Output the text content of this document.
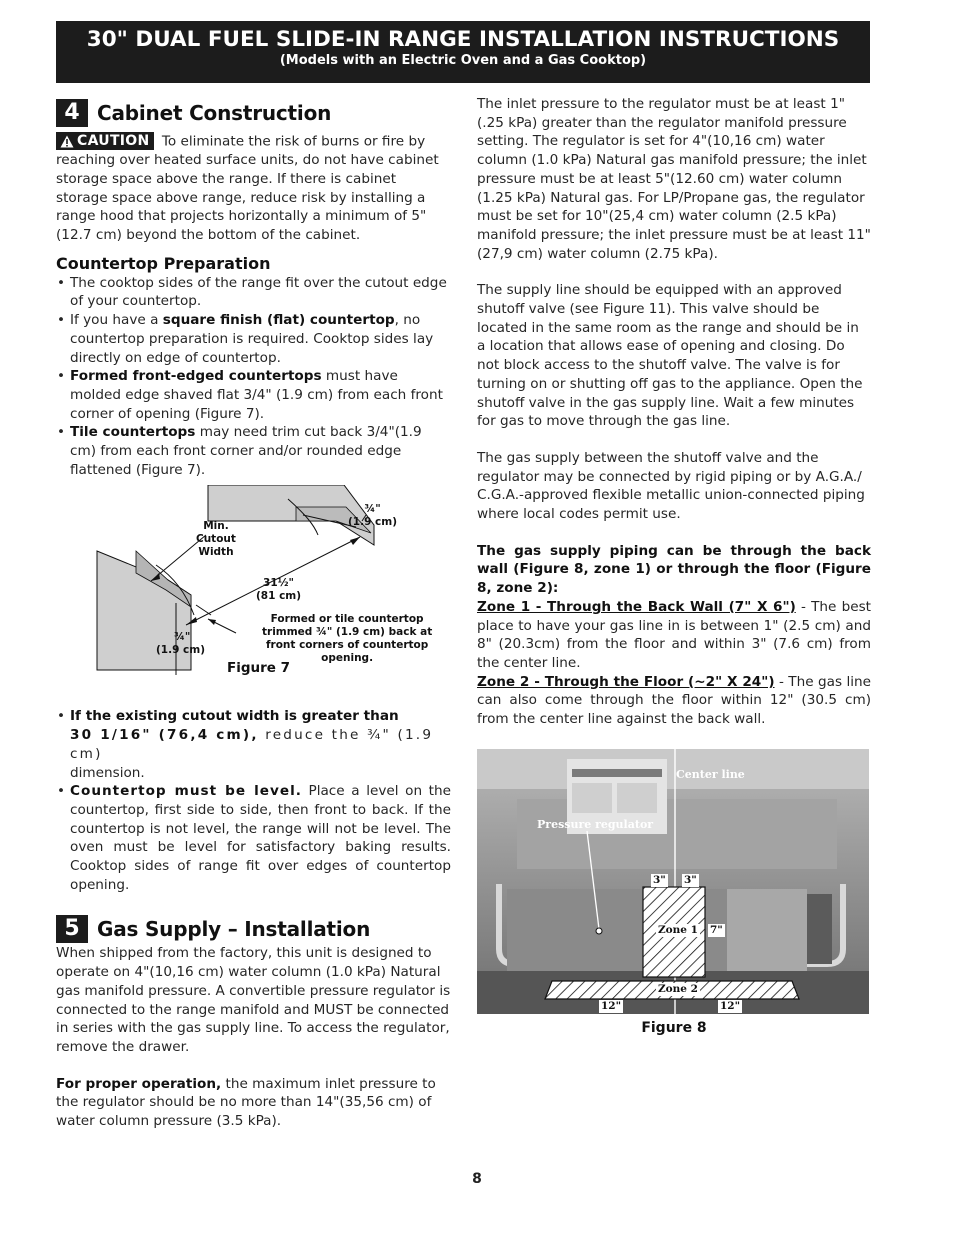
30" DUAL FUEL SLIDE-IN RANGE INSTALLATION INSTRUCTIONS
(Models with an Electric Oven and a Gas Cooktop)
4 Cabinet Construction

CAUTION To eliminate the risk of burns or fire by reaching over heated surface units, do not have cabinet storage space above the range. If there is cabinet storage space above range, reduce risk by installing a range hood that projects horizontally a minimum of 5" (12.7 cm) beyond the bottom of the cabinet.

Countertop Preparation
• The cooktop sides of the range fit over the cutout edge of your countertop.
• If you have a square finish (flat) countertop, no countertop preparation is required. Cooktop sides lay directly on edge of countertop.
• Formed front-edged countertops must have molded edge shaved flat 3/4" (1.9 cm) from each front corner of opening (Figure 7).
• Tile countertops may need trim cut back 3/4"(1.9 cm) from each front corner and/or rounded edge flattened (Figure 7).
Min.
Cutout
Width
¾"
(1.9 cm)
31½"
(81 cm)
¾"
(1.9 cm)
Formed or tile countertop
trimmed ¾" (1.9 cm) back at
front corners of countertop
opening.
Figure 7
• If the existing cutout width is greater than
30 1/16" (76,4 cm), reduce the ¾" (1.9 cm)
dimension.
• Countertop must be level. Place a level on the countertop, first side to side, then front to back. If the countertop is not level, the range will not be level. The oven must be level for satisfactory baking results. Cooktop sides of range fit over edges of countertop opening.
5 Gas Supply – Installation

When shipped from the factory, this unit is designed to operate on 4"(10,16 cm) water column (1.0 kPa) Natural gas manifold pressure. A convertible pressure regulator is connected to the range manifold and MUST be connected in series with the gas supply line. To access the regulator, remove the drawer.

For proper operation, the maximum inlet pressure to the regulator should be no more than 14"(35,56 cm) of water column pressure (3.5 kPa).

The inlet pressure to the regulator must be at least 1" (.25 kPa) greater than the regulator manifold pressure setting. The regulator is set for 4"(10,16 cm) water column (1.0 kPa) Natural gas manifold pressure; the inlet pressure must be at least 5"(12.60 cm) water column (1.25 kPa) Natural gas. For LP/Propane gas, the regulator must be set for 10"(25,4 cm) water column (2.5 kPa) manifold pressure; the inlet pressure must be at least 11"(27,9 cm) water column (2.75 kPa).

The supply line should be equipped with an approved shutoff valve (see Figure 11). This valve should be located in the same room as the range and should be in a location that allows ease of opening and closing. Do not block access to the shutoff valve. The valve is for turning on or shutting off gas to the appliance. Open the shutoff valve in the gas supply line. Wait a few minutes for gas to move through the gas line.

The gas supply between the shutoff valve and the regulator may be connected by rigid piping or by A.G.A./ C.G.A.-approved flexible metallic union-connected piping where local codes permit use.

The gas supply piping can be through the back wall (Figure 8, zone 1) or through the floor (Figure 8, zone 2):

Zone 1 - Through the Back Wall (7" X 6") - The best place to have your gas line in is between 1" (2.5 cm) and 8" (20.3cm) from the floor and within 3" (7.6 cm) from the center line.

Zone 2 - Through the Floor (~2" X 24") - The gas line can also come through the floor within 12" (30.5 cm) from the center line against the back wall.

Center line
Pressure regulator
3" 3"
7"
Zone 1
Zone 2
12"	12"
Figure 8
8
